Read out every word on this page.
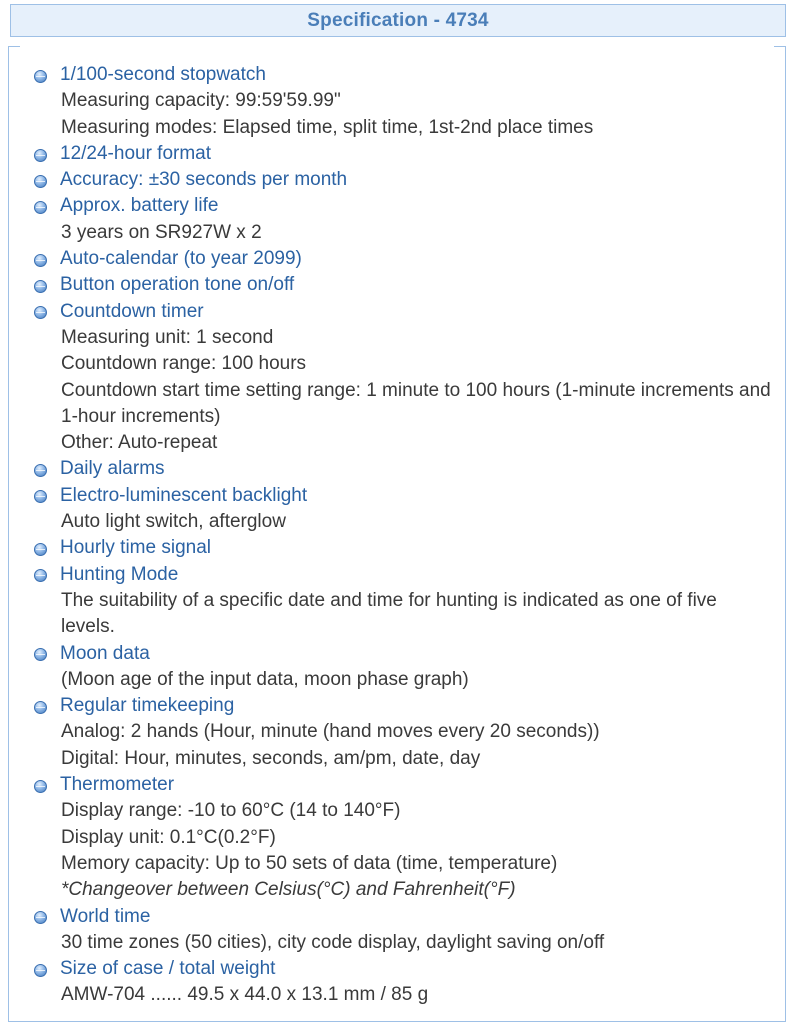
Specification - 4734
1/100-second stopwatch
Measuring capacity: 99:59'59.99"
Measuring modes: Elapsed time, split time, 1st-2nd place times
12/24-hour format
Accuracy: ±30 seconds per month
Approx. battery life
3 years on SR927W x 2
Auto-calendar (to year 2099)
Button operation tone on/off
Countdown timer
Measuring unit: 1 second
Countdown range: 100 hours
Countdown start time setting range: 1 minute to 100 hours (1-minute increments and 1-hour increments)
Other: Auto-repeat
Daily alarms
Electro-luminescent backlight
Auto light switch, afterglow
Hourly time signal
Hunting Mode
The suitability of a specific date and time for hunting is indicated as one of five levels.
Moon data
(Moon age of the input data, moon phase graph)
Regular timekeeping
Analog: 2 hands (Hour, minute (hand moves every 20 seconds))
Digital: Hour, minutes, seconds, am/pm, date, day
Thermometer
Display range: -10 to 60°C (14 to 140°F)
Display unit: 0.1°C(0.2°F)
Memory capacity: Up to 50 sets of data (time, temperature)
*Changeover between Celsius(°C) and Fahrenheit(°F)
World time
30 time zones (50 cities), city code display, daylight saving on/off
Size of case / total weight
AMW-704 ...... 49.5 x 44.0 x 13.1 mm / 85 g
